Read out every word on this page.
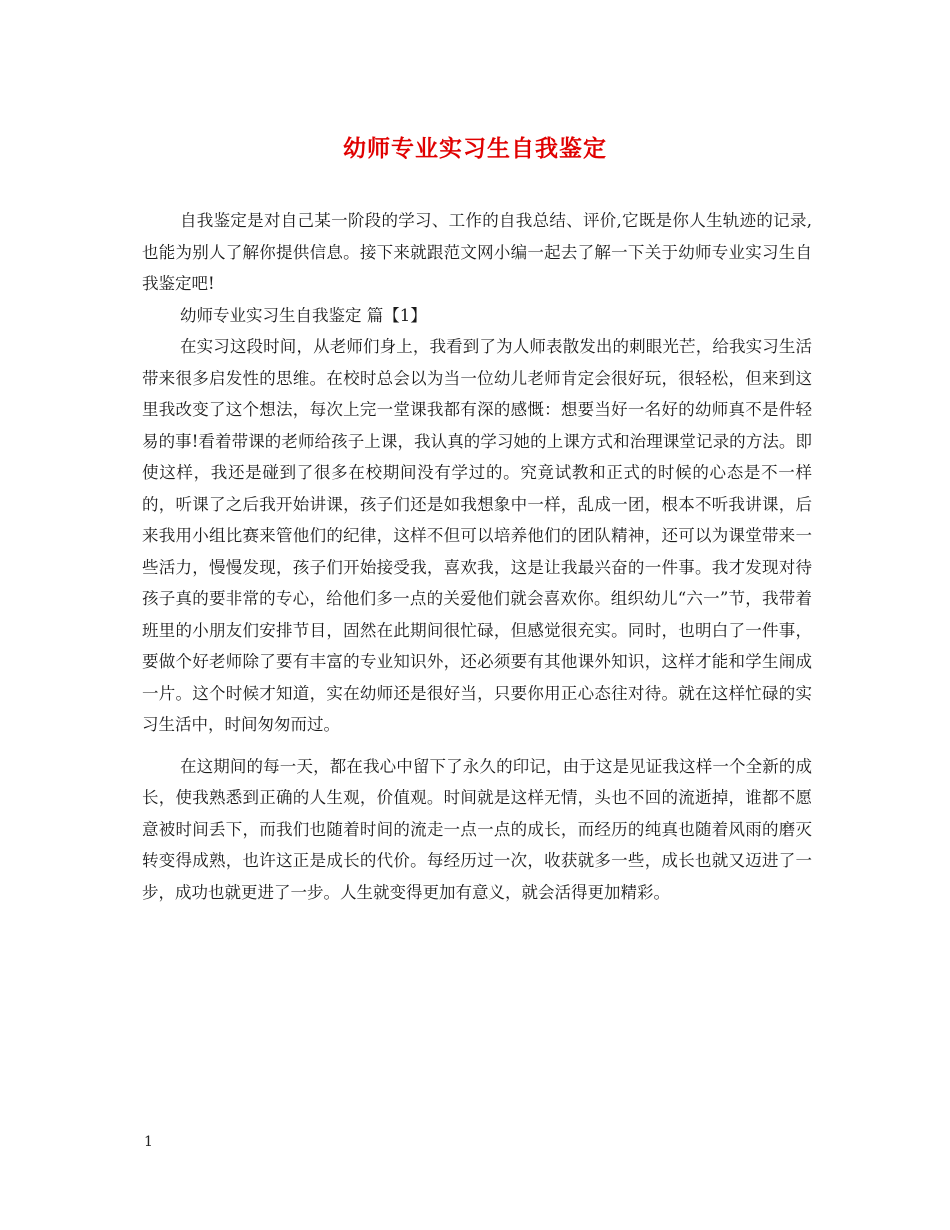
幼师专业实习生自我鉴定

自我鉴定是对自己某一阶段的学习、工作的自我总结、评价,它既是你人生轨迹的记录,也能为别人了解你提供信息。接下来就跟范文网小编一起去了解一下关于幼师专业实习生自我鉴定吧!

幼师专业实习生自我鉴定 篇【1】

在实习这段时间，从老师们身上，我看到了为人师表散发出的刺眼光芒，给我实习生活带来很多启发性的思维。在校时总会以为当一位幼儿老师肯定会很好玩，很轻松，但来到这里我改变了这个想法，每次上完一堂课我都有深的感慨：想要当好一名好的幼师真不是件轻易的事!看着带课的老师给孩子上课，我认真的学习她的上课方式和治理课堂记录的方法。即使这样，我还是碰到了很多在校期间没有学过的。究竟试教和正式的时候的心态是不一样的，听课了之后我开始讲课，孩子们还是如我想象中一样，乱成一团，根本不听我讲课，后来我用小组比赛来管他们的纪律，这样不但可以培养他们的团队精神，还可以为课堂带来一些活力，慢慢发现，孩子们开始接受我，喜欢我，这是让我最兴奋的一件事。我才发现对待孩子真的要非常的专心，给他们多一点的关爱他们就会喜欢你。组织幼儿“六一”节，我带着班里的小朋友们安排节目，固然在此期间很忙碌，但感觉很充实。同时，也明白了一件事，要做个好老师除了要有丰富的专业知识外，还必须要有其他课外知识，这样才能和学生闹成一片。这个时候才知道，实在幼师还是很好当，只要你用正心态往对待。就在这样忙碌的实习生活中，时间匆匆而过。

在这期间的每一天，都在我心中留下了永久的印记，由于这是见证我这样一个全新的成长，使我熟悉到正确的人生观，价值观。时间就是这样无情，头也不回的流逝掉，谁都不愿意被时间丢下，而我们也随着时间的流走一点一点的成长，而经历的纯真也随着风雨的磨灭转变得成熟，也许这正是成长的代价。每经历过一次，收获就多一些，成长也就又迈进了一步，成功也就更进了一步。人生就变得更加有意义，就会活得更加精彩。

1
